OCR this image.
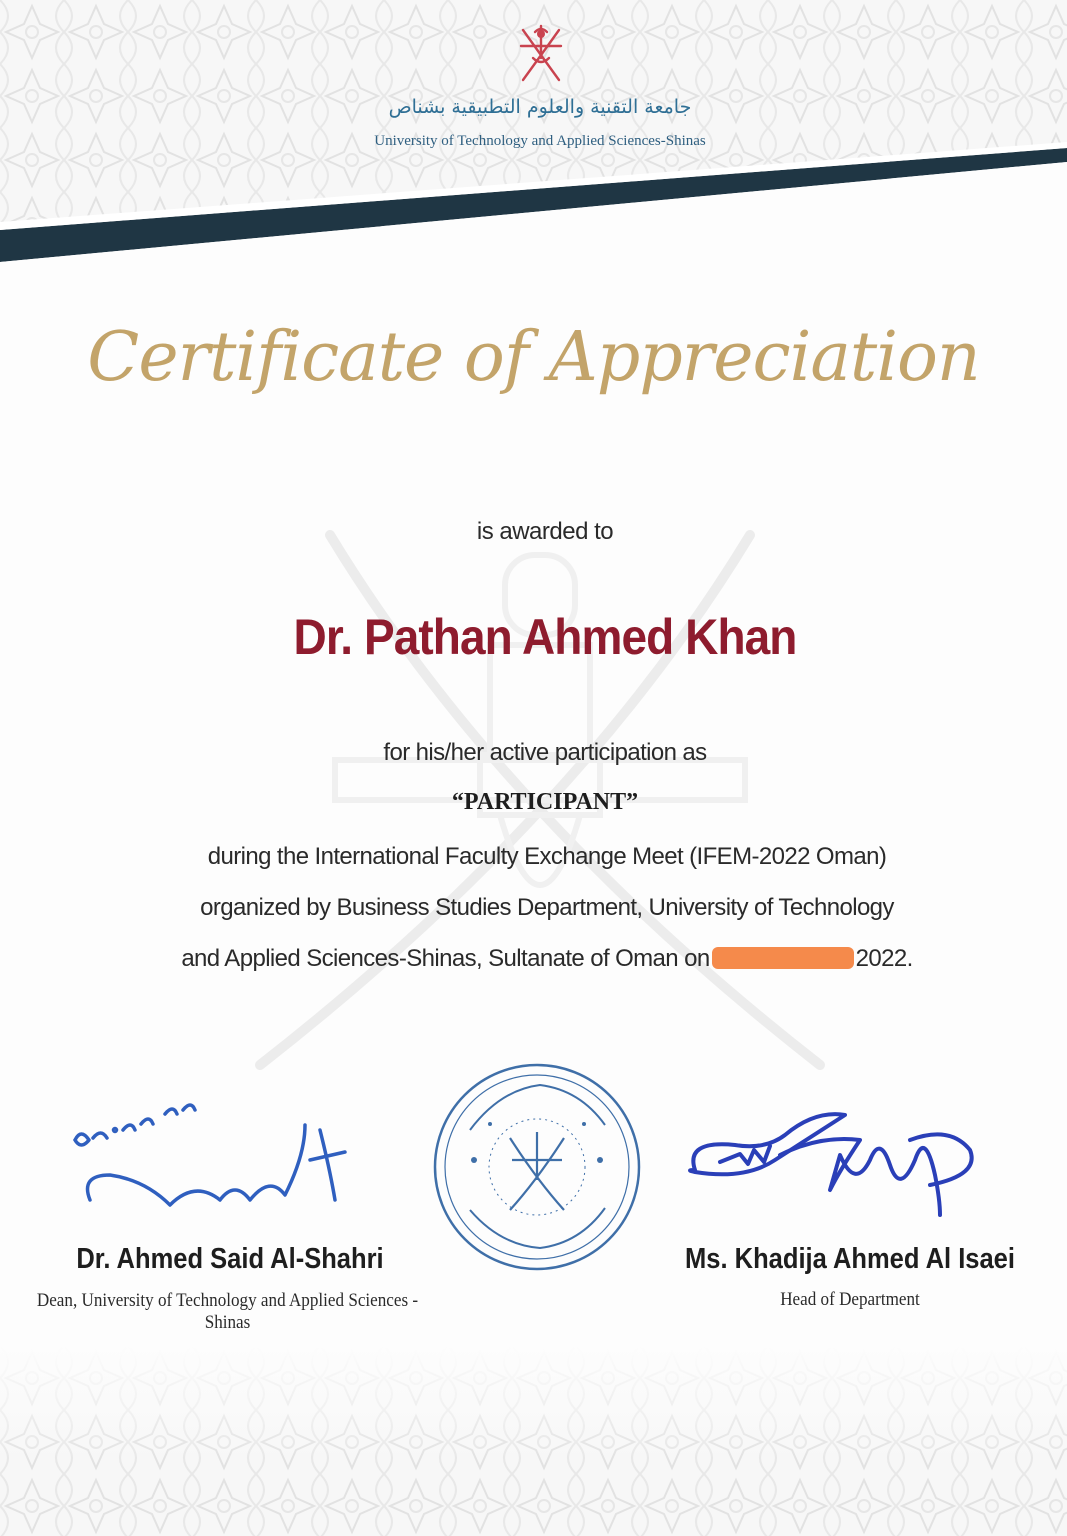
جامعة التقنية والعلوم التطبيقية بشناص
University of Technology and Applied Sciences-Shinas
Certificate of Appreciation
is awarded to
Dr. Pathan Ahmed Khan
for his/her active participation as
“PARTICIPANT”
during the International Faculty Exchange Meet (IFEM-2022 Oman)
organized by Business Studies Department, University of Technology
and Applied Sciences-Shinas, Sultanate of Oman on	2022.
Dr. Ahmed Said Al-Shahri
Dean, University of Technology and Applied Sciences - Shinas
Ms. Khadija Ahmed Al Isaei
Head of Department
